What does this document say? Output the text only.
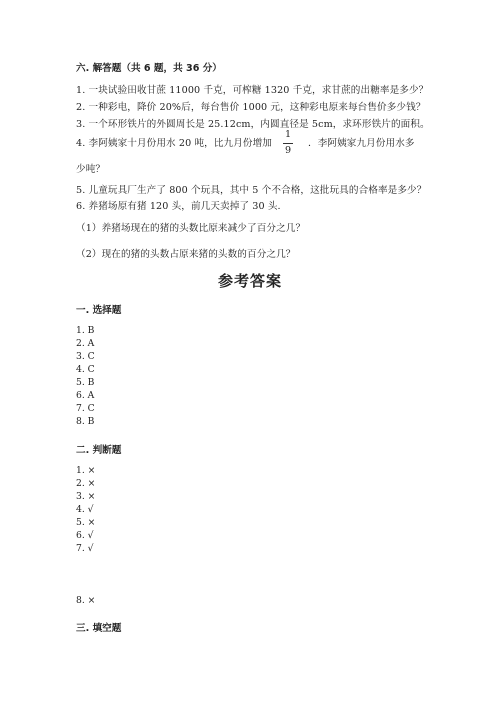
六. 解答题（共 6 题，共 36 分）
1. 一块试验田收甘蔗 11000 千克，可榨糖 1320 千克，求甘蔗的出糖率是多少？
2. 一种彩电，降价 20%后，每台售价 1000 元，这种彩电原来每台售价多少钱？
3. 一个环形铁片的外圆周长是 25.12cm，内圆直径是 5cm，求环形铁片的面积。
4. 李阿姨家十月份用水 20 吨，比九月份增加
1
9
．李阿姨家九月份用水多
少吨？
5. 儿童玩具厂生产了 800 个玩具，其中 5 个不合格，这批玩具的合格率是多少？
6. 养猪场原有猪 120 头，前几天卖掉了 30 头.
（1）养猪场现在的猪的头数比原来减少了百分之几？
（2）现在的猪的头数占原来猪的头数的百分之几？
参考答案
一. 选择题
1. B
2. A
3. C
4. C
5. B
6. A
7. C
8. B
二. 判断题
1. ×
2. ×
3. ×
4. √
5. ×
6. √
7. √
8. ×
三. 填空题
